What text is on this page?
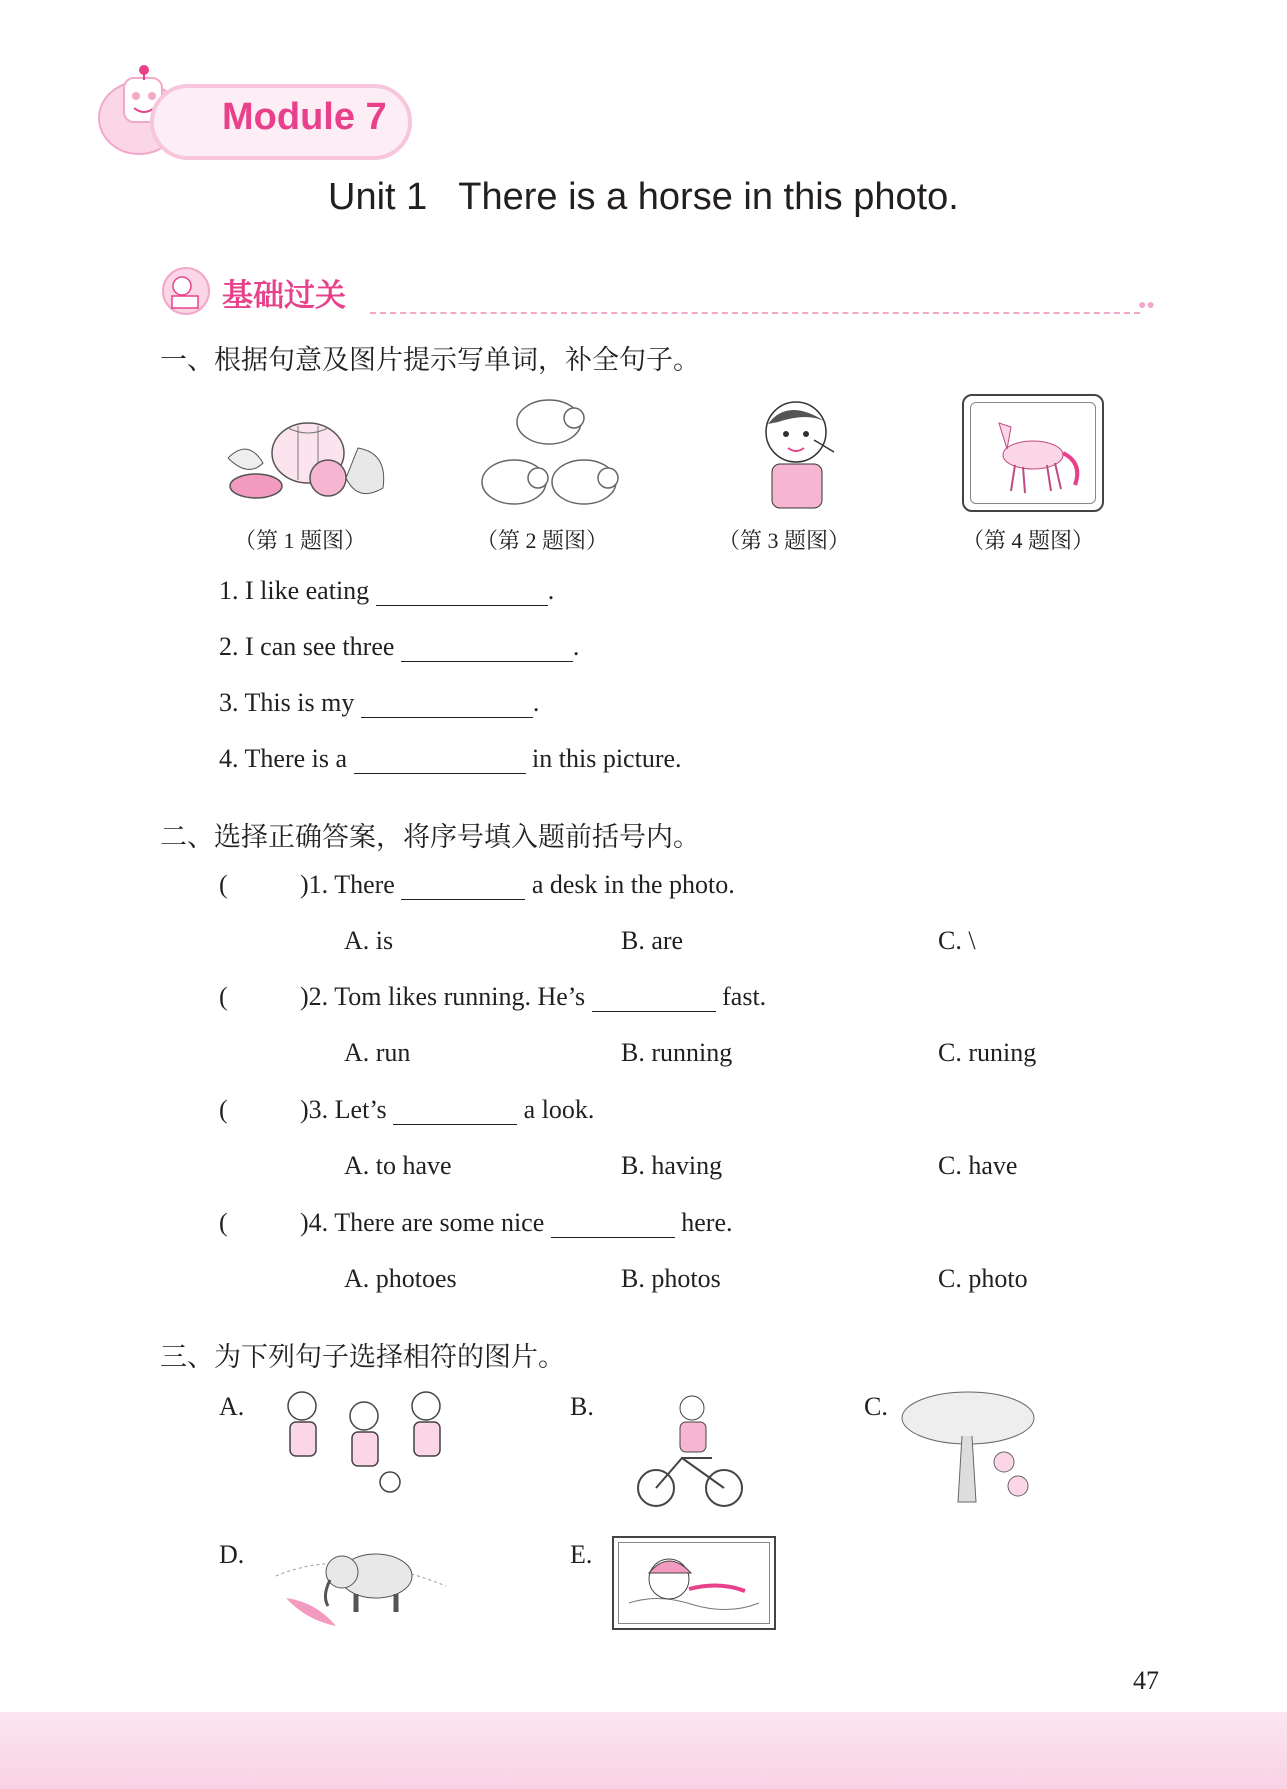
Module 7
Unit 1   There is a horse in this photo.
基础过关	●●
一、根据句意及图片提示写单词，补全句子。
（第 1 题图）	（第 2 题图）	（第 3 题图）	（第 4 题图）
1. I like eating	.
2. I can see three	.
3. This is my	.
4. There is a	in this picture.
二、选择正确答案，将序号填入题前括号内。
(	)1. There	a desk in the photo.
A. is	B. are	C. \
(	)2. Tom likes running. He’s	fast.
A. run	B. running	C. runing
(	)3. Let’s	a look.
A. to have	B. having	C. have
(	)4. There are some nice	here.
A. photoes	B. photos	C. photo
三、为下列句子选择相符的图片。
A.	B.	C.
D.	E.
47
